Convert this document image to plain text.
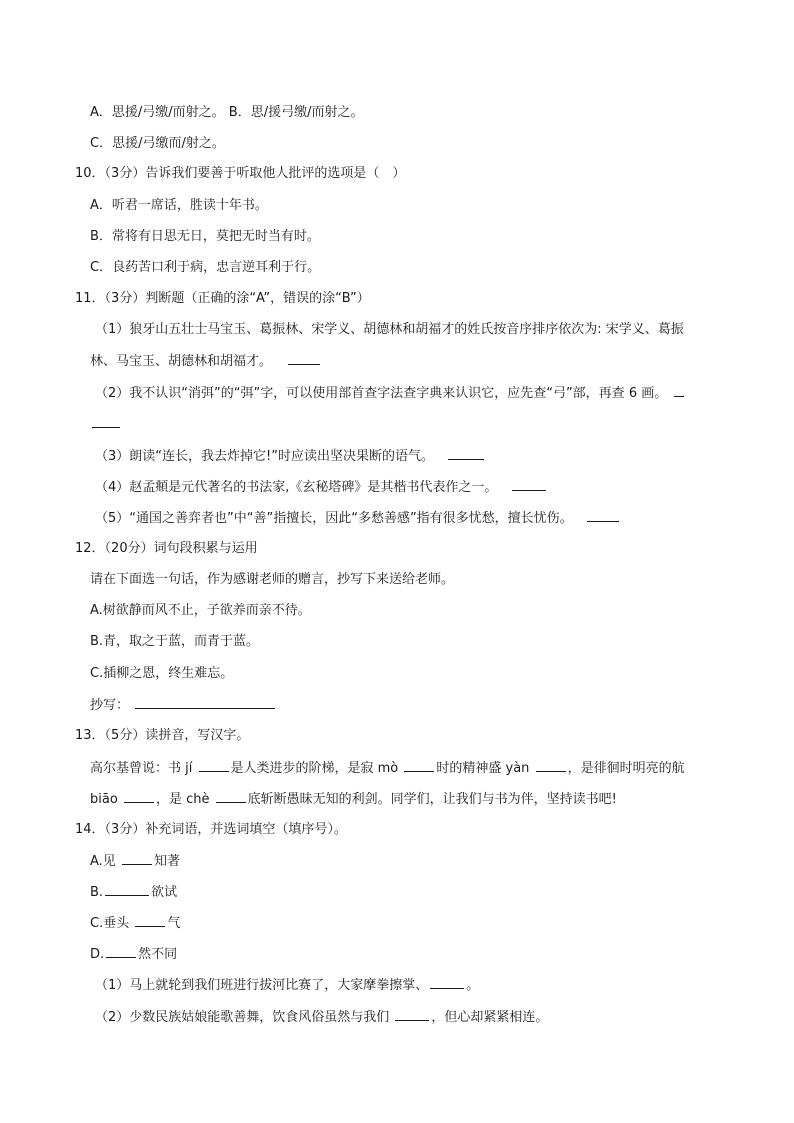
A．思援/弓缴/而射之。 B．思/援弓缴/而射之。
C．思援/弓缴而/射之。
10．（3分）告诉我们要善于听取他人批评的选项是（　）
A．听君一席话，胜读十年书。
B．常将有日思无日，莫把无时当有时。
C．良药苦口利于病，忠言逆耳利于行。
11．（3分）判断题（正确的涂“A”，错误的涂“B”）
（1）狼牙山五壮士马宝玉、葛振林、宋学义、胡德林和胡福才的姓氏按音序排序依次为: 宋学义、葛振
林、马宝玉、胡德林和胡福才。
（2）我不认识“消弭”的“弭”字，可以使用部首查字法查字典来认识它，应先查“弓”部，再查 6 画。
（3）朗读“连长，我去炸掉它!”时应读出坚决果断的语气。
（4）赵孟頫是元代著名的书法家,《玄秘塔碑》是其楷书代表作之一。
（5）“通国之善弈者也”中“善”指擅长，因此“多愁善感”指有很多忧愁，擅长忧伤。
12．（20分）词句段积累与运用
请在下面选一句话，作为感谢老师的赠言，抄写下来送给老师。
A.树欲静而风不止，子欲养而亲不待。
B.青，取之于蓝，而青于蓝。
C.插柳之恩，终生难忘。
抄写：
13．（5分）读拼音，写汉字。
高尔基曾说：书 jí	是人类进步的阶梯，是寂 mò	时的精神盛 yàn	，是徘徊时明亮的航
biāo	，是 chè	底斩断愚昧无知的利剑。同学们，让我们与书为伴，坚持读书吧!
14．（3分）补充词语，并选词填空（填序号）。
A.见	知著
B.	欲试
C.垂头	气
D.	然不同
（1）马上就轮到我们班进行拔河比赛了，大家摩拳擦掌、	。
（2）少数民族姑娘能歌善舞，饮食风俗虽然与我们	，但心却紧紧相连。
